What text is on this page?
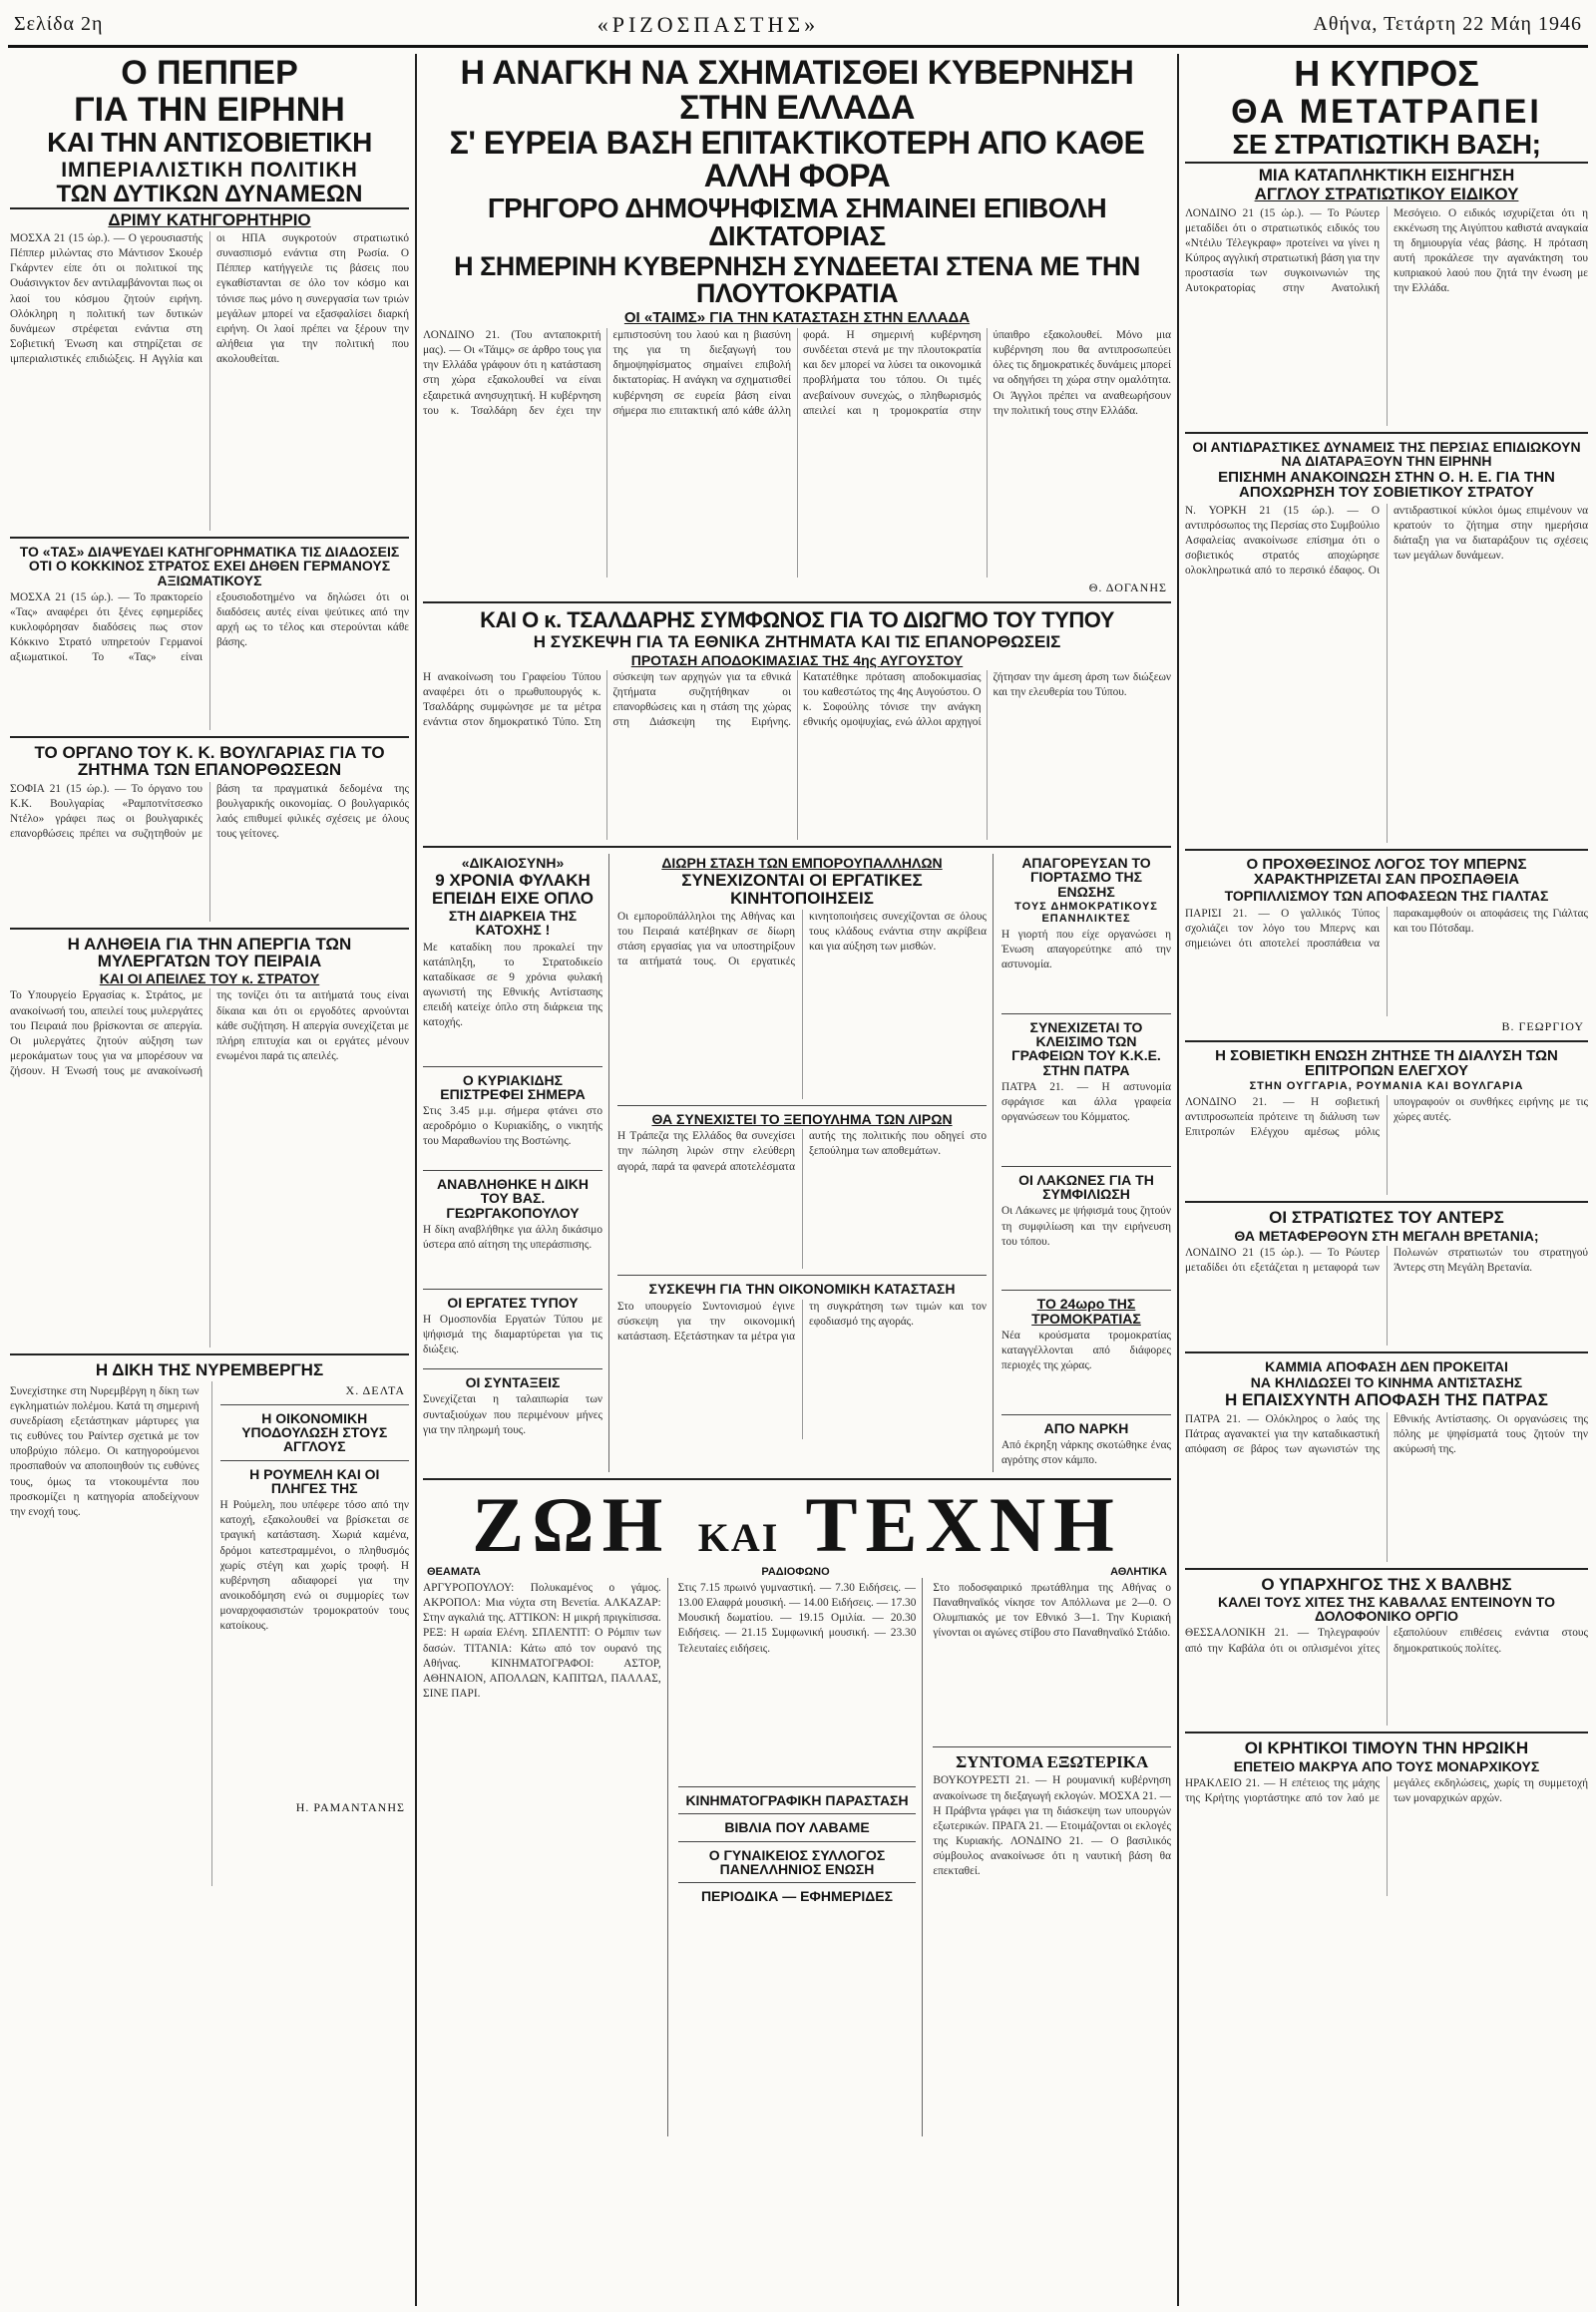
Σελίδα 2η	«ΡΙΖΟΣΠΑΣΤΗΣ»	Αθήνα, Τετάρτη 22 Μάη 1946
Ο ΠΕΠΠΕΡ
ΓΙΑ ΤΗΝ ΕΙΡΗΝΗ
ΚΑΙ ΤΗΝ ΑΝΤΙΣΟΒΙΕΤΙΚΗ
ΙΜΠΕΡΙΑΛΙΣΤΙΚΗ ΠΟΛΙΤΙΚΗ
ΤΩΝ ΔΥΤΙΚΩΝ ΔΥΝΑΜΕΩΝ
ΔΡΙΜΥ ΚΑΤΗΓΟΡΗΤΗΡΙΟ
ΜΟΣΧΑ 21 (15 ώρ.). — Ο γερουσιαστής Πέππερ μιλώντας στο Μάντισον Σκουέρ Γκάρντεν είπε ότι οι πολιτικοί της Ουάσινγκτον δεν αντιλαμβάνονται πως οι λαοί του κόσμου ζητούν ειρήνη. Ολόκληρη η πολιτική των δυτικών δυνάμεων στρέφεται ενάντια στη Σοβιετική Ένωση και στηρίζεται σε ιμπεριαλιστικές επιδιώξεις. Η Αγγλία και οι ΗΠΑ συγκροτούν στρατιωτικό συνασπισμό ενάντια στη Ρωσία. Ο Πέππερ κατήγγειλε τις βάσεις που εγκαθίστανται σε όλο τον κόσμο και τόνισε πως μόνο η συνεργασία των τριών μεγάλων μπορεί να εξασφαλίσει διαρκή ειρήνη. Οι λαοί πρέπει να ξέρουν την αλήθεια για την πολιτική που ακολουθείται.
ΤΟ «ΤΑΣ» ΔΙΑΨΕΥΔΕΙ ΚΑΤΗΓΟΡΗΜΑΤΙΚΑ ΤΙΣ ΔΙΑΔΟΣΕΙΣ ΟΤΙ Ο ΚΟΚΚΙΝΟΣ ΣΤΡΑΤΟΣ ΕΧΕΙ ΔΗΘΕΝ ΓΕΡΜΑΝΟΥΣ ΑΞΙΩΜΑΤΙΚΟΥΣ
ΜΟΣΧΑ 21 (15 ώρ.). — Το πρακτορείο «Τας» αναφέρει ότι ξένες εφημερίδες κυκλοφόρησαν διαδόσεις πως στον Κόκκινο Στρατό υπηρετούν Γερμανοί αξιωματικοί. Το «Τας» είναι εξουσιοδοτημένο να δηλώσει ότι οι διαδόσεις αυτές είναι ψεύτικες από την αρχή ως το τέλος και στερούνται κάθε βάσης.
ΤΟ ΟΡΓΑΝΟ ΤΟΥ Κ. Κ. ΒΟΥΛΓΑΡΙΑΣ ΓΙΑ ΤΟ ΖΗΤΗΜΑ ΤΩΝ ΕΠΑΝΟΡΘΩΣΕΩΝ
ΣΟΦΙΑ 21 (15 ώρ.). — Το όργανο του Κ.Κ. Βουλγαρίας «Ραμποτνίτσεσκο Ντέλο» γράφει πως οι βουλγαρικές επανορθώσεις πρέπει να συζητηθούν με βάση τα πραγματικά δεδομένα της βουλγαρικής οικονομίας. Ο βουλγαρικός λαός επιθυμεί φιλικές σχέσεις με όλους τους γείτονες.
Η ΑΛΗΘΕΙΑ ΓΙΑ ΤΗΝ ΑΠΕΡΓΙΑ ΤΩΝ ΜΥΛΕΡΓΑΤΩΝ ΤΟΥ ΠΕΙΡΑΙΑ
ΚΑΙ ΟΙ ΑΠΕΙΛΕΣ ΤΟΥ κ. ΣΤΡΑΤΟΥ
Το Υπουργείο Εργασίας κ. Στράτος, με ανακοίνωσή του, απειλεί τους μυλεργάτες του Πειραιά που βρίσκονται σε απεργία. Οι μυλεργάτες ζητούν αύξηση των μεροκάματων τους για να μπορέσουν να ζήσουν. Η Ένωσή τους με ανακοίνωσή της τονίζει ότι τα αιτήματά τους είναι δίκαια και ότι οι εργοδότες αρνούνται κάθε συζήτηση. Η απεργία συνεχίζεται με πλήρη επιτυχία και οι εργάτες μένουν ενωμένοι παρά τις απειλές.
Η ΔΙΚΗ ΤΗΣ ΝΥΡΕΜΒΕΡΓΗΣ
Συνεχίστηκε στη Νυρεμβέργη η δίκη των εγκληματιών πολέμου. Κατά τη σημερινή συνεδρίαση εξετάστηκαν μάρτυρες για τις ευθύνες του Ραίντερ σχετικά με τον υποβρύχιο πόλεμο. Οι κατηγορούμενοι προσπαθούν να αποποιηθούν τις ευθύνες τους, όμως τα ντοκουμέντα που προσκομίζει η κατηγορία αποδείχνουν την ενοχή τους.
Χ. ΔΕΛΤΑ
Η ΟΙΚΟΝΟΜΙΚΗ ΥΠΟΔΟΥΛΩΣΗ ΣΤΟΥΣ ΑΓΓΛΟΥΣ
Η ΡΟΥΜΕΛΗ ΚΑΙ ΟΙ ΠΛΗΓΕΣ ΤΗΣ
Η Ρούμελη, που υπέφερε τόσο από την κατοχή, εξακολουθεί να βρίσκεται σε τραγική κατάσταση. Χωριά καμένα, δρόμοι κατεστραμμένοι, ο πληθυσμός χωρίς στέγη και χωρίς τροφή. Η κυβέρνηση αδιαφορεί για την ανοικοδόμηση ενώ οι συμμορίες των μοναρχοφασιστών τρομοκρατούν τους κατοίκους.
Η. ΡΑΜΑΝΤΑΝΗΣ
Η ΑΝΑΓΚΗ ΝΑ ΣΧΗΜΑΤΙΣΘΕΙ ΚΥΒΕΡΝΗΣΗ ΣΤΗΝ ΕΛΛΑΔΑ
Σ' ΕΥΡΕΙΑ ΒΑΣΗ ΕΠΙΤΑΚΤΙΚΟΤΕΡΗ ΑΠΟ ΚΑΘΕ ΑΛΛΗ ΦΟΡΑ
ΓΡΗΓΟΡΟ ΔΗΜΟΨΗΦΙΣΜΑ ΣΗΜΑΙΝΕΙ ΕΠΙΒΟΛΗ ΔΙΚΤΑΤΟΡΙΑΣ
Η ΣΗΜΕΡΙΝΗ ΚΥΒΕΡΝΗΣΗ ΣΥΝΔΕΕΤΑΙ ΣΤΕΝΑ ΜΕ ΤΗΝ ΠΛΟΥΤΟΚΡΑΤΙΑ
ΟΙ «ΤΑΙΜΣ» ΓΙΑ ΤΗΝ ΚΑΤΑΣΤΑΣΗ ΣΤΗΝ ΕΛΛΑΔΑ
ΛΟΝΔΙΝΟ 21. (Του ανταποκριτή μας). — Οι «Τάιμς» σε άρθρο τους για την Ελλάδα γράφουν ότι η κατάσταση στη χώρα εξακολουθεί να είναι εξαιρετικά ανησυχητική. Η κυβέρνηση του κ. Τσαλδάρη δεν έχει την εμπιστοσύνη του λαού και η βιασύνη της για τη διεξαγωγή του δημοψηφίσματος σημαίνει επιβολή δικτατορίας. Η ανάγκη να σχηματισθεί κυβέρνηση σε ευρεία βάση είναι σήμερα πιο επιτακτική από κάθε άλλη φορά. Η σημερινή κυβέρνηση συνδέεται στενά με την πλουτοκρατία και δεν μπορεί να λύσει τα οικονομικά προβλήματα του τόπου. Οι τιμές ανεβαίνουν συνεχώς, ο πληθωρισμός απειλεί και η τρομοκρατία στην ύπαιθρο εξακολουθεί. Μόνο μια κυβέρνηση που θα αντιπροσωπεύει όλες τις δημοκρατικές δυνάμεις μπορεί να οδηγήσει τη χώρα στην ομαλότητα. Οι Άγγλοι πρέπει να αναθεωρήσουν την πολιτική τους στην Ελλάδα.
Θ. ΔΟΓΑΝΗΣ
ΚΑΙ Ο κ. ΤΣΑΛΔΑΡΗΣ ΣΥΜΦΩΝΟΣ ΓΙΑ ΤΟ ΔΙΩΓΜΟ ΤΟΥ ΤΥΠΟΥ
Η ΣΥΣΚΕΨΗ ΓΙΑ ΤΑ ΕΘΝΙΚΑ ΖΗΤΗΜΑΤΑ ΚΑΙ ΤΙΣ ΕΠΑΝΟΡΘΩΣΕΙΣ
ΠΡΟΤΑΣΗ ΑΠΟΔΟΚΙΜΑΣΙΑΣ ΤΗΣ 4ης ΑΥΓΟΥΣΤΟΥ
Η ανακοίνωση του Γραφείου Τύπου αναφέρει ότι ο πρωθυπουργός κ. Τσαλδάρης συμφώνησε με τα μέτρα ενάντια στον δημοκρατικό Τύπο. Στη σύσκεψη των αρχηγών για τα εθνικά ζητήματα συζητήθηκαν οι επανορθώσεις και η στάση της χώρας στη Διάσκεψη της Ειρήνης. Κατατέθηκε πρόταση αποδοκιμασίας του καθεστώτος της 4ης Αυγούστου. Ο κ. Σοφούλης τόνισε την ανάγκη εθνικής ομοψυχίας, ενώ άλλοι αρχηγοί ζήτησαν την άμεση άρση των διώξεων και την ελευθερία του Τύπου.
«ΔΙΚΑΙΟΣΥΝΗ»
9 ΧΡΟΝΙΑ ΦΥΛΑΚΗ ΕΠΕΙΔΗ ΕΙΧΕ ΟΠΛΟ
ΣΤΗ ΔΙΑΡΚΕΙΑ ΤΗΣ ΚΑΤΟΧΗΣ !
Με καταδίκη που προκαλεί την κατάπληξη, το Στρατοδικείο καταδίκασε σε 9 χρόνια φυλακή αγωνιστή της Εθνικής Αντίστασης επειδή κατείχε όπλο στη διάρκεια της κατοχής.
Ο ΚΥΡΙΑΚΙΔΗΣ ΕΠΙΣΤΡΕΦΕΙ ΣΗΜΕΡΑ
Στις 3.45 μ.μ. σήμερα φτάνει στο αεροδρόμιο ο Κυριακίδης, ο νικητής του Μαραθωνίου της Βοστώνης.
ΑΝΑΒΛΗΘΗΚΕ Η ΔΙΚΗ ΤΟΥ ΒΑΣ. ΓΕΩΡΓΑΚΟΠΟΥΛΟΥ
Η δίκη αναβλήθηκε για άλλη δικάσιμο ύστερα από αίτηση της υπεράσπισης.
ΟΙ ΕΡΓΑΤΕΣ ΤΥΠΟΥ
Η Ομοσπονδία Εργατών Τύπου με ψήφισμά της διαμαρτύρεται για τις διώξεις.
ΟΙ ΣΥΝΤΑΞΕΙΣ
Συνεχίζεται η ταλαιπωρία των συνταξιούχων που περιμένουν μήνες για την πληρωμή τους.
ΔΙΩΡΗ ΣΤΑΣΗ ΤΩΝ ΕΜΠΟΡΟΥΠΑΛΛΗΛΩΝ
ΣΥΝΕΧΙΖΟΝΤΑΙ ΟΙ ΕΡΓΑΤΙΚΕΣ ΚΙΝΗΤΟΠΟΙΗΣΕΙΣ
Οι εμποροϋπάλληλοι της Αθήνας και του Πειραιά κατέβηκαν σε δίωρη στάση εργασίας για να υποστηρίξουν τα αιτήματά τους. Οι εργατικές κινητοποιήσεις συνεχίζονται σε όλους τους κλάδους ενάντια στην ακρίβεια και για αύξηση των μισθών.
ΘΑ ΣΥΝΕΧΙΣΤΕΙ ΤΟ ΞΕΠΟΥΛΗΜΑ ΤΩΝ ΛΙΡΩΝ
Η Τράπεζα της Ελλάδος θα συνεχίσει την πώληση λιρών στην ελεύθερη αγορά, παρά τα φανερά αποτελέσματα αυτής της πολιτικής που οδηγεί στο ξεπούλημα των αποθεμάτων.
ΣΥΣΚΕΨΗ ΓΙΑ ΤΗΝ ΟΙΚΟΝΟΜΙΚΗ ΚΑΤΑΣΤΑΣΗ
Στο υπουργείο Συντονισμού έγινε σύσκεψη για την οικονομική κατάσταση. Εξετάστηκαν τα μέτρα για τη συγκράτηση των τιμών και τον εφοδιασμό της αγοράς.
ΑΠΑΓΟΡΕΥΣΑΝ ΤΟ ΓΙΟΡΤΑΣΜΟ ΤΗΣ ΕΝΩΣΗΣ
ΤΟΥΣ ΔΗΜΟΚΡΑΤΙΚΟΥΣ ΕΠΑΝΗΛΙΚΤΕΣ
Η γιορτή που είχε οργανώσει η Ένωση απαγορεύτηκε από την αστυνομία.
ΣΥΝΕΧΙΖΕΤΑΙ ΤΟ ΚΛΕΙΣΙΜΟ ΤΩΝ ΓΡΑΦΕΙΩΝ ΤΟΥ Κ.Κ.Ε. ΣΤΗΝ ΠΑΤΡΑ
ΠΑΤΡΑ 21. — Η αστυνομία σφράγισε και άλλα γραφεία οργανώσεων του Κόμματος.
ΟΙ ΛΑΚΩΝΕΣ ΓΙΑ ΤΗ ΣΥΜΦΙΛΙΩΣΗ
Οι Λάκωνες με ψήφισμά τους ζητούν τη συμφιλίωση και την ειρήνευση του τόπου.
ΤΟ 24ωρο ΤΗΣ ΤΡΟΜΟΚΡΑΤΙΑΣ
Νέα κρούσματα τρομοκρατίας καταγγέλλονται από διάφορες περιοχές της χώρας.
ΑΠΟ ΝΑΡΚΗ
Από έκρηξη νάρκης σκοτώθηκε ένας αγρότης στον κάμπο.
ΖΩΗ ΚΑΙ ΤΕΧΝΗ
ΘΕΑΜΑΤΑ	ΡΑΔΙΟΦΩΝΟ	ΑΘΛΗΤΙΚΑ
ΑΡΓΥΡΟΠΟΥΛΟΥ: Πολυκαμένος ο γάμος. ΑΚΡΟΠΟΛ: Μια νύχτα στη Βενετία. ΑΛΚΑΖΑΡ: Στην αγκαλιά της. ΑΤΤΙΚΟΝ: Η μικρή πριγκίπισσα. ΡΕΞ: Η ωραία Ελένη. ΣΠΛΕΝΤΙΤ: Ο Ρόμπιν των δασών. ΤΙΤΑΝΙΑ: Κάτω από τον ουρανό της Αθήνας. ΚΙΝΗΜΑΤΟΓΡΑΦΟΙ: ΑΣΤΟΡ, ΑΘΗΝΑΙΟΝ, ΑΠΟΛΛΩΝ, ΚΑΠΙΤΩΛ, ΠΑΛΛΑΣ, ΣΙΝΕ ΠΑΡΙ.
Στις 7.15 πρωινό γυμναστική. — 7.30 Ειδήσεις. — 13.00 Ελαφρά μουσική. — 14.00 Ειδήσεις. — 17.30 Μουσική δωματίου. — 19.15 Ομιλία. — 20.30 Ειδήσεις. — 21.15 Συμφωνική μουσική. — 23.30 Τελευταίες ειδήσεις.
ΚΙΝΗΜΑΤΟΓΡΑΦΙΚΗ ΠΑΡΑΣΤΑΣΗ
ΒΙΒΛΙΑ ΠΟΥ ΛΑΒΑΜΕ
Ο ΓΥΝΑΙΚΕΙΟΣ ΣΥΛΛΟΓΟΣ ΠΑΝΕΛΛΗΝΙΟΣ ΕΝΩΣΗ
ΠΕΡΙΟΔΙΚΑ — ΕΦΗΜΕΡΙΔΕΣ
Στο ποδοσφαιρικό πρωτάθλημα της Αθήνας ο Παναθηναϊκός νίκησε τον Απόλλωνα με 2—0. Ο Ολυμπιακός με τον Εθνικό 3—1. Την Κυριακή γίνονται οι αγώνες στίβου στο Παναθηναϊκό Στάδιο.
ΣΥΝΤΟΜΑ ΕΞΩΤΕΡΙΚΑ
ΒΟΥΚΟΥΡΕΣΤΙ 21. — Η ρουμανική κυβέρνηση ανακοίνωσε τη διεξαγωγή εκλογών. ΜΟΣΧΑ 21. — Η Πράβντα γράφει για τη διάσκεψη των υπουργών εξωτερικών. ΠΡΑΓΑ 21. — Ετοιμάζονται οι εκλογές της Κυριακής. ΛΟΝΔΙΝΟ 21. — Ο βασιλικός σύμβουλος ανακοίνωσε ότι η ναυτική βάση θα επεκταθεί.
Η ΚΥΠΡΟΣ
ΘΑ ΜΕΤΑΤΡΑΠΕΙ
ΣΕ ΣΤΡΑΤΙΩΤΙΚΗ ΒΑΣΗ;
ΜΙΑ ΚΑΤΑΠΛΗΚΤΙΚΗ ΕΙΣΗΓΗΣΗ
ΑΓΓΛΟΥ ΣΤΡΑΤΙΩΤΙΚΟΥ ΕΙΔΙΚΟΥ
ΛΟΝΔΙΝΟ 21 (15 ώρ.). — Το Ρώυτερ μεταδίδει ότι ο στρατιωτικός ειδικός του «Ντέιλυ Τέλεγκραφ» προτείνει να γίνει η Κύπρος αγγλική στρατιωτική βάση για την προστασία των συγκοινωνιών της Αυτοκρατορίας στην Ανατολική Μεσόγειο. Ο ειδικός ισχυρίζεται ότι η εκκένωση της Αιγύπτου καθιστά αναγκαία τη δημιουργία νέας βάσης. Η πρόταση αυτή προκάλεσε την αγανάκτηση του κυπριακού λαού που ζητά την ένωση με την Ελλάδα.
ΟΙ ΑΝΤΙΔΡΑΣΤΙΚΕΣ ΔΥΝΑΜΕΙΣ ΤΗΣ ΠΕΡΣΙΑΣ ΕΠΙΔΙΩΚΟΥΝ ΝΑ ΔΙΑΤΑΡΑΞΟΥΝ ΤΗΝ ΕΙΡΗΝΗ
ΕΠΙΣΗΜΗ ΑΝΑΚΟΙΝΩΣΗ ΣΤΗΝ Ο. Η. Ε. ΓΙΑ ΤΗΝ ΑΠΟΧΩΡΗΣΗ ΤΟΥ ΣΟΒΙΕΤΙΚΟΥ ΣΤΡΑΤΟΥ
Ν. ΥΟΡΚΗ 21 (15 ώρ.). — Ο αντιπρόσωπος της Περσίας στο Συμβούλιο Ασφαλείας ανακοίνωσε επίσημα ότι ο σοβιετικός στρατός αποχώρησε ολοκληρωτικά από το περσικό έδαφος. Οι αντιδραστικοί κύκλοι όμως επιμένουν να κρατούν το ζήτημα στην ημερήσια διάταξη για να διαταράξουν τις σχέσεις των μεγάλων δυνάμεων.
Ο ΠΡΟΧΘΕΣΙΝΟΣ ΛΟΓΟΣ ΤΟΥ ΜΠΕΡΝΣ ΧΑΡΑΚΤΗΡΙΖΕΤΑΙ ΣΑΝ ΠΡΟΣΠΑΘΕΙΑ
ΤΟΡΠΙΛΛΙΣΜΟΥ ΤΩΝ ΑΠΟΦΑΣΕΩΝ ΤΗΣ ΓΙΑΛΤΑΣ
ΠΑΡΙΣΙ 21. — Ο γαλλικός Τύπος σχολιάζει τον λόγο του Μπερνς και σημειώνει ότι αποτελεί προσπάθεια να παρακαμφθούν οι αποφάσεις της Γιάλτας και του Πότσδαμ.
Β. ΓΕΩΡΓΙΟΥ
Η ΣΟΒΙΕΤΙΚΗ ΕΝΩΣΗ ΖΗΤΗΣΕ ΤΗ ΔΙΑΛΥΣΗ ΤΩΝ ΕΠΙΤΡΟΠΩΝ ΕΛΕΓΧΟΥ
ΣΤΗΝ ΟΥΓΓΑΡΙΑ, ΡΟΥΜΑΝΙΑ ΚΑΙ ΒΟΥΛΓΑΡΙΑ
ΛΟΝΔΙΝΟ 21. — Η σοβιετική αντιπροσωπεία πρότεινε τη διάλυση των Επιτροπών Ελέγχου αμέσως μόλις υπογραφούν οι συνθήκες ειρήνης με τις χώρες αυτές.
ΟΙ ΣΤΡΑΤΙΩΤΕΣ ΤΟΥ ΑΝΤΕΡΣ
ΘΑ ΜΕΤΑΦΕΡΘΟΥΝ ΣΤΗ ΜΕΓΑΛΗ ΒΡΕΤΑΝΙΑ;
ΛΟΝΔΙΝΟ 21 (15 ώρ.). — Το Ρώυτερ μεταδίδει ότι εξετάζεται η μεταφορά των Πολωνών στρατιωτών του στρατηγού Άντερς στη Μεγάλη Βρετανία.
ΚΑΜΜΙΑ ΑΠΟΦΑΣΗ ΔΕΝ ΠΡΟΚΕΙΤΑΙ
ΝΑ ΚΗΛΙΔΩΣΕΙ ΤΟ ΚΙΝΗΜΑ ΑΝΤΙΣΤΑΣΗΣ
Η ΕΠΑΙΣΧΥΝΤΗ ΑΠΟΦΑΣΗ ΤΗΣ ΠΑΤΡΑΣ
ΠΑΤΡΑ 21. — Ολόκληρος ο λαός της Πάτρας αγανακτεί για την καταδικαστική απόφαση σε βάρος των αγωνιστών της Εθνικής Αντίστασης. Οι οργανώσεις της πόλης με ψηφίσματά τους ζητούν την ακύρωσή της.
Ο ΥΠΑΡΧΗΓΟΣ ΤΗΣ Χ ΒΑΛΒΗΣ
ΚΑΛΕΙ ΤΟΥΣ ΧΙΤΕΣ ΤΗΣ ΚΑΒΑΛΑΣ ΕΝΤΕΙΝΟΥΝ ΤΟ ΔΟΛΟΦΟΝΙΚΟ ΟΡΓΙΟ
ΘΕΣΣΑΛΟΝΙΚΗ 21. — Τηλεγραφούν από την Καβάλα ότι οι οπλισμένοι χίτες εξαπολύουν επιθέσεις ενάντια στους δημοκρατικούς πολίτες.
ΟΙ ΚΡΗΤΙΚΟΙ ΤΙΜΟΥΝ ΤΗΝ ΗΡΩΙΚΗ
ΕΠΕΤΕΙΟ ΜΑΚΡΥΑ ΑΠΟ ΤΟΥΣ ΜΟΝΑΡΧΙΚΟΥΣ
ΗΡΑΚΛΕΙΟ 21. — Η επέτειος της μάχης της Κρήτης γιορτάστηκε από τον λαό με μεγάλες εκδηλώσεις, χωρίς τη συμμετοχή των μοναρχικών αρχών.
